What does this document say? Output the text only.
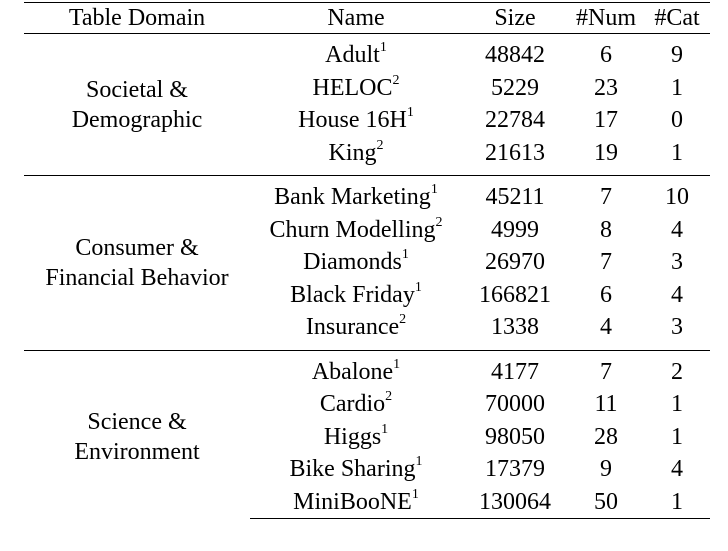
Table Domain	Name	Size	#Num	#Cat

Societal &
Demographic	Adult$^1$	48842	6	9
	HELOC$^2$	5229	23	1
	House $16H^1$	22784	17	0
	King$^2$	21613	19	1

Consumer &
Financial Behavior	Bank Marketing$^1$	45211	7	10
	Churn Modelling$^2$	4999	8	4
	Diamonds$^1$	26970	7	3
	Black Friday$^1$	166821	6	4
	Insurance$^2$	1338	4	3

Science &
Environment	Abalone$^1$	4177	7	2
	Cardio$^2$	70000	11	1
	Higgs$^1$	98050	28	1
	Bike Sharing$^1$	17379	9	4
	MiniBooNE$^1$	130064	50	1
